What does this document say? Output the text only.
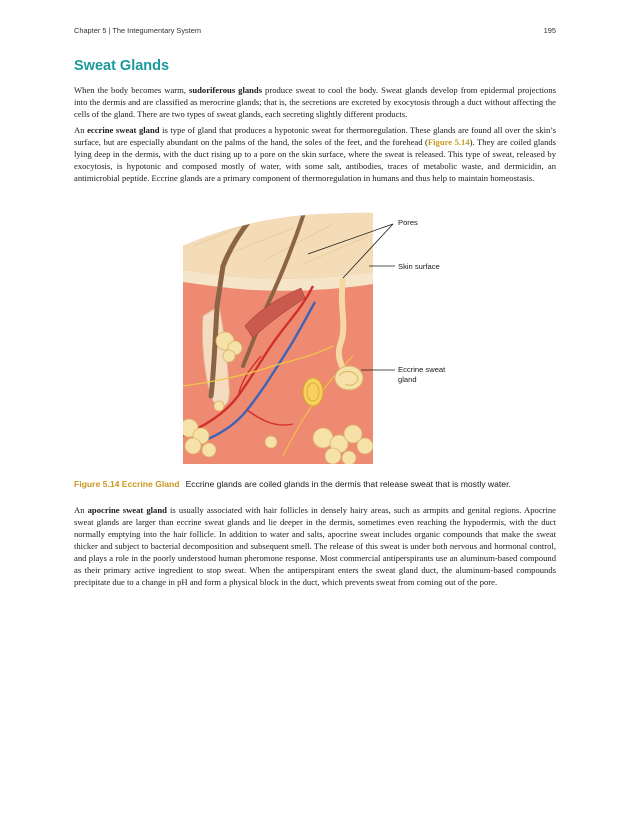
Chapter 5 | The Integumentary System	195
Sweat Glands

When the body becomes warm, sudoriferous glands produce sweat to cool the body. Sweat glands develop from epidermal projections into the dermis and are classified as merocrine glands; that is, the secretions are excreted by exocytosis through a duct without affecting the cells of the gland. There are two types of sweat glands, each secreting slightly different products.

An eccrine sweat gland is type of gland that produces a hypotonic sweat for thermoregulation. These glands are found all over the skin’s surface, but are especially abundant on the palms of the hand, the soles of the feet, and the forehead (Figure 5.14). They are coiled glands lying deep in the dermis, with the duct rising up to a pore on the skin surface, where the sweat is released. This type of sweat, released by exocytosis, is hypotonic and composed mostly of water, with some salt, antibodies, traces of metabolic waste, and dermicidin, an antimicrobial peptide. Eccrine glands are a primary component of thermoregulation in humans and thus help to maintain homeostasis.

Pores
Skin surface
Eccrine sweat
gland
Figure 5.14 Eccrine Gland Eccrine glands are coiled glands in the dermis that release sweat that is mostly water.

An apocrine sweat gland is usually associated with hair follicles in densely hairy areas, such as armpits and genital regions. Apocrine sweat glands are larger than eccrine sweat glands and lie deeper in the dermis, sometimes even reaching the hypodermis, with the duct normally emptying into the hair follicle. In addition to water and salts, apocrine sweat includes organic compounds that make the sweat thicker and subject to bacterial decomposition and subsequent smell. The release of this sweat is under both nervous and hormonal control, and plays a role in the poorly understood human pheromone response. Most commercial antiperspirants use an aluminum-based compound as their primary active ingredient to stop sweat. When the antiperspirant enters the sweat gland duct, the aluminum-based compounds precipitate due to a change in pH and form a physical block in the duct, which prevents sweat from coming out of the pore.
